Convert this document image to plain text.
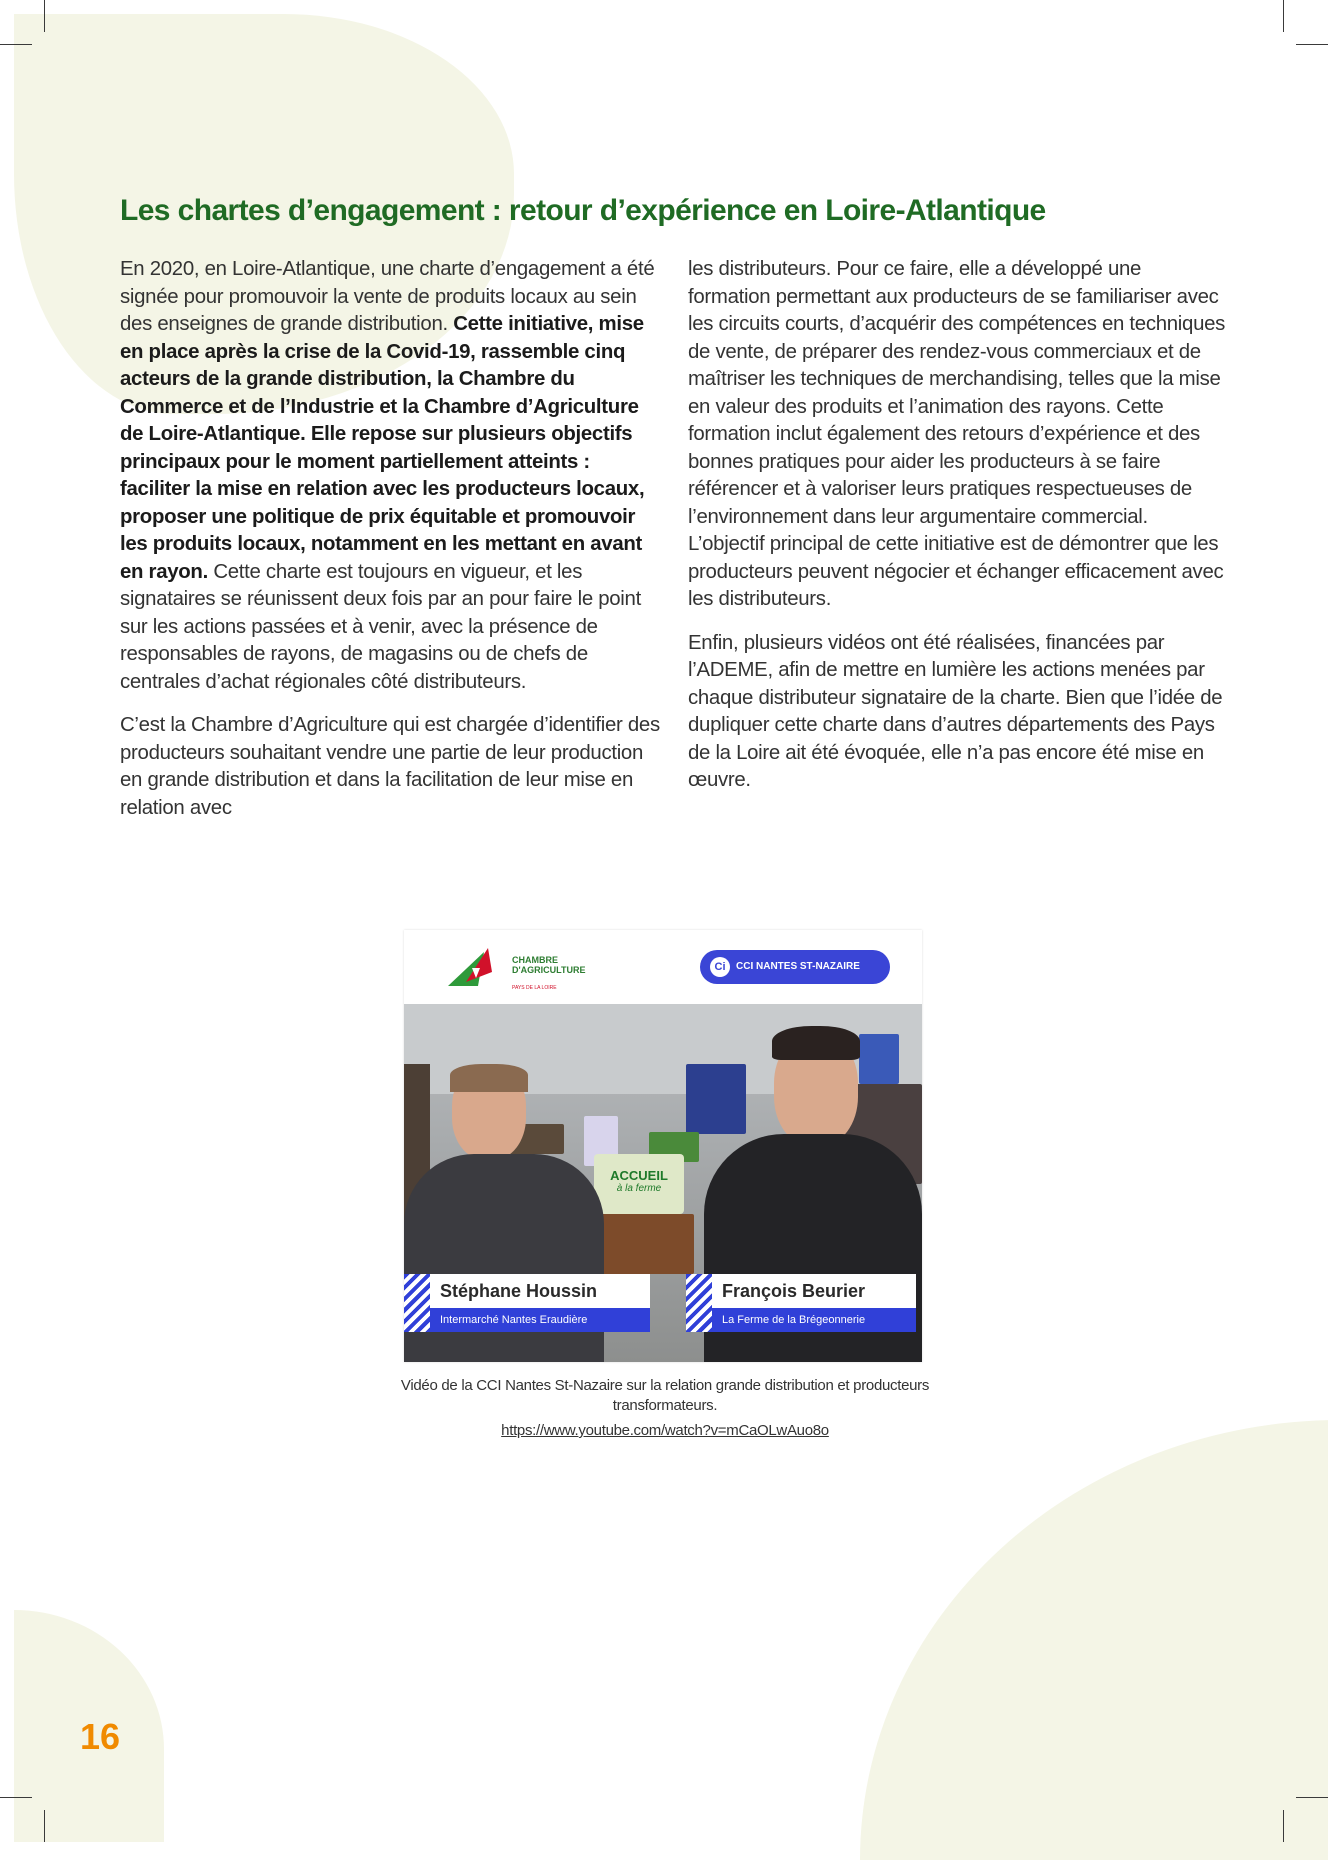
Les chartes d’engagement : retour d’expérience en Loire-Atlantique

En 2020, en Loire-Atlantique, une charte d’engagement a été signée pour promouvoir la vente de produits locaux au sein des enseignes de grande distribution. Cette initiative, mise en place après la crise de la Covid-19, rassemble cinq acteurs de la grande distribution, la Chambre du Commerce et de l’Industrie et la Chambre d’Agriculture de Loire-Atlantique. Elle repose sur plusieurs objectifs principaux pour le moment partiellement atteints : faciliter la mise en relation avec les producteurs locaux, proposer une politique de prix équitable et promouvoir les produits locaux, notamment en les mettant en avant en rayon. Cette charte est toujours en vigueur, et les signataires se réunissent deux fois par an pour faire le point sur les actions passées et à venir, avec la présence de responsables de rayons, de magasins ou de chefs de centrales d’achat régionales côté distributeurs.

C’est la Chambre d’Agriculture qui est chargée d’identifier des producteurs souhaitant vendre une partie de leur production en grande distribution et dans la facilitation de leur mise en relation avec

les distributeurs. Pour ce faire, elle a développé une formation permettant aux producteurs de se familiariser avec les circuits courts, d’acquérir des compétences en techniques de vente, de préparer des rendez-vous commerciaux et de maîtriser les techniques de merchandising, telles que la mise en valeur des produits et l’animation des rayons. Cette formation inclut également des retours d’expérience et des bonnes pratiques pour aider les producteurs à se faire référencer et à valoriser leurs pratiques respectueuses de l’environnement dans leur argumentaire commercial. L’objectif principal de cette initiative est de démontrer que les producteurs peuvent négocier et échanger efficacement avec les distributeurs.

Enfin, plusieurs vidéos ont été réalisées, financées par l’ADEME, afin de mettre en lumière les actions menées par chaque distributeur signataire de la charte. Bien que l’idée de dupliquer cette charte dans d’autres départements des Pays de la Loire ait été évoquée, elle n’a pas encore été mise en œuvre.

CHAMBRE
D'AGRICULTURE
PAYS DE LA LOIRE
Ci	CCI NANTES ST-NAZAIRE
ACCUEIL
à la ferme
Stéphane Houssin
Intermarché Nantes Eraudière
François Beurier
La Ferme de la Brégeonnerie
Vidéo de la CCI Nantes St-Nazaire sur la relation grande distribution et producteurs transformateurs.
https://www.youtube.com/watch?v=mCaOLwAuo8o
16
